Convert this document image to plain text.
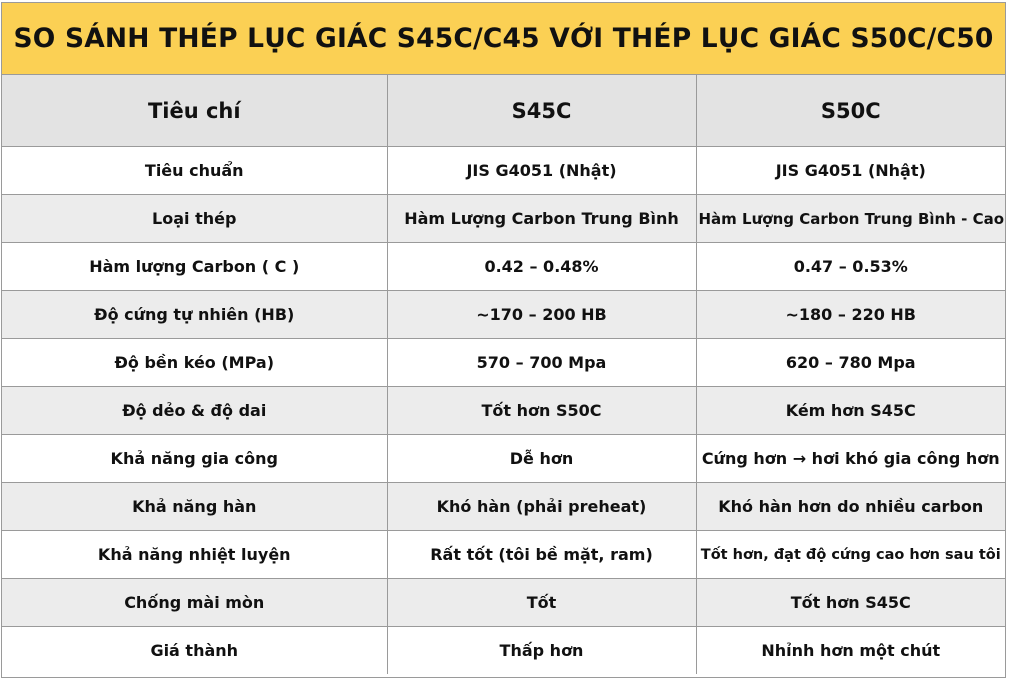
SO SÁNH THÉP LỤC GIÁC S45C/C45 VỚI THÉP LỤC GIÁC S50C/C50
Tiêu chí	S45C	S50C
Tiêu chuẩn	JIS G4051 (Nhật)	JIS G4051 (Nhật)
Loại thép	Hàm Lượng Carbon Trung Bình	Hàm Lượng Carbon Trung Bình - Cao
Hàm lượng Carbon ( C )	0.42 – 0.48%	0.47 – 0.53%
Độ cứng tự nhiên (HB)	~170 – 200 HB	~180 – 220 HB
Độ bền kéo (MPa)	570 – 700 Mpa	620 – 780 Mpa
Độ dẻo & độ dai	Tốt hơn S50C	Kém hơn S45C
Khả năng gia công	Dễ hơn	Cứng hơn → hơi khó gia công hơn
Khả năng hàn	Khó hàn (phải preheat)	Khó hàn hơn do nhiều carbon
Khả năng nhiệt luyện	Rất tốt (tôi bề mặt, ram)	Tốt hơn, đạt độ cứng cao hơn sau tôi
Chống mài mòn	Tốt	Tốt hơn S45C
Giá thành	Thấp hơn	Nhỉnh hơn một chút
